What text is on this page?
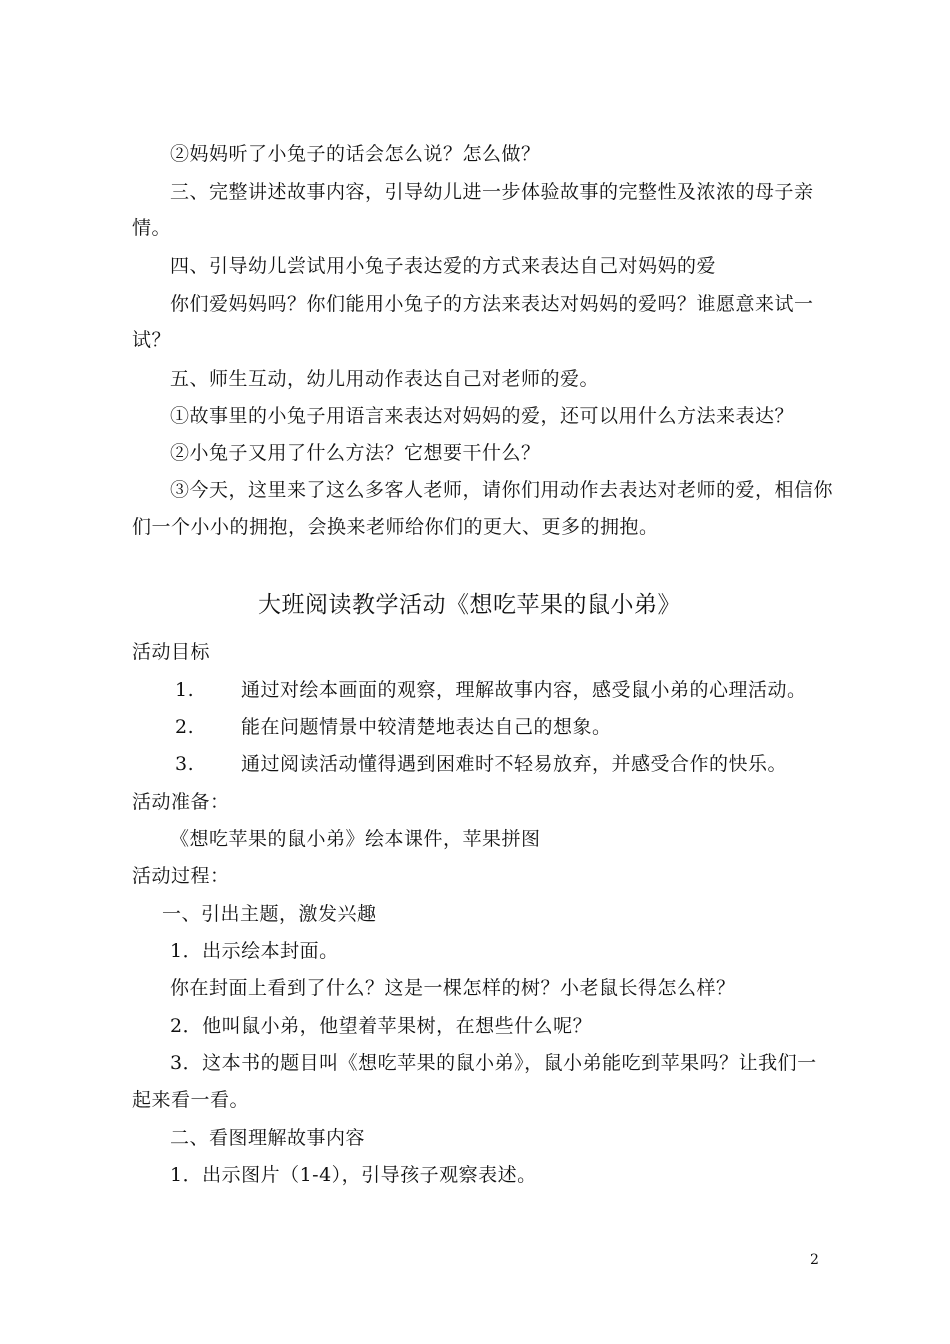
②妈妈听了小兔子的话会怎么说？怎么做？
三、完整讲述故事内容，引导幼儿进一步体验故事的完整性及浓浓的母子亲
情。
四、引导幼儿尝试用小兔子表达爱的方式来表达自己对妈妈的爱
你们爱妈妈吗？你们能用小兔子的方法来表达对妈妈的爱吗？谁愿意来试一
试？
五、师生互动，幼儿用动作表达自己对老师的爱。
①故事里的小兔子用语言来表达对妈妈的爱，还可以用什么方法来表达？
②小兔子又用了什么方法？它想要干什么？
③今天，这里来了这么多客人老师，请你们用动作去表达对老师的爱，相信你
们一个小小的拥抱，会换来老师给你们的更大、更多的拥抱。
大班阅读教学活动《想吃苹果的鼠小弟》
活动目标
1. 通过对绘本画面的观察，理解故事内容，感受鼠小弟的心理活动。
2. 能在问题情景中较清楚地表达自己的想象。
3. 通过阅读活动懂得遇到困难时不轻易放弃，并感受合作的快乐。
活动准备：
《想吃苹果的鼠小弟》绘本课件，苹果拼图
活动过程：
一、引出主题，激发兴趣
1．出示绘本封面。
你在封面上看到了什么？这是一棵怎样的树？小老鼠长得怎么样？
2．他叫鼠小弟，他望着苹果树，在想些什么呢？
3．这本书的题目叫《想吃苹果的鼠小弟》，鼠小弟能吃到苹果吗？让我们一
起来看一看。
二、看图理解故事内容
1．出示图片（1-4），引导孩子观察表述。
2
